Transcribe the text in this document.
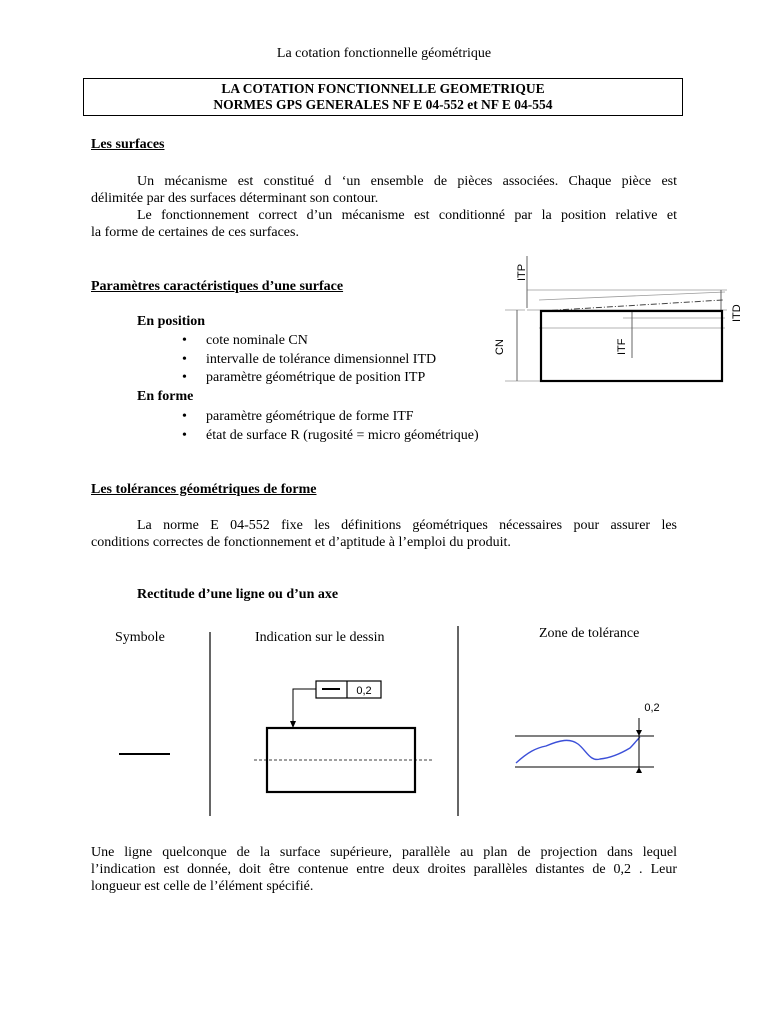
La cotation fonctionnelle géométrique
LA COTATION FONCTIONNELLE GEOMETRIQUE
NORMES GPS GENERALES NF E 04-552 et NF E 04-554
Les surfaces
Un mécanisme est constitué d ‘un ensemble de pièces associées. Chaque pièce est
délimitée par des surfaces déterminant son contour.
Le fonctionnement correct d’un mécanisme est conditionné par la position relative et
la forme de certaines de ces surfaces.
Paramètres caractéristiques d’une surface
En position
• cote nominale CN
• intervalle de tolérance dimensionnel ITD
• paramètre géométrique de position ITP
En forme
• paramètre géométrique de forme ITF
• état de surface R (rugosité = micro géométrique)
ITP
ITD
CN	ITF
Les tolérances géométriques de forme
La norme E 04-552 fixe les définitions géométriques nécessaires pour assurer les
conditions correctes de fonctionnement et d’aptitude à l’emploi du produit.
Rectitude d’une ligne ou d’un axe
Symbole	Indication sur le dessin	Zone de tolérance
0,2
0,2
Une ligne quelconque de la surface supérieure, parallèle au plan de projection dans lequel
l’indication est donnée, doit être contenue entre deux droites parallèles distantes de 0,2 . Leur
longueur est celle de l’élément spécifié.
